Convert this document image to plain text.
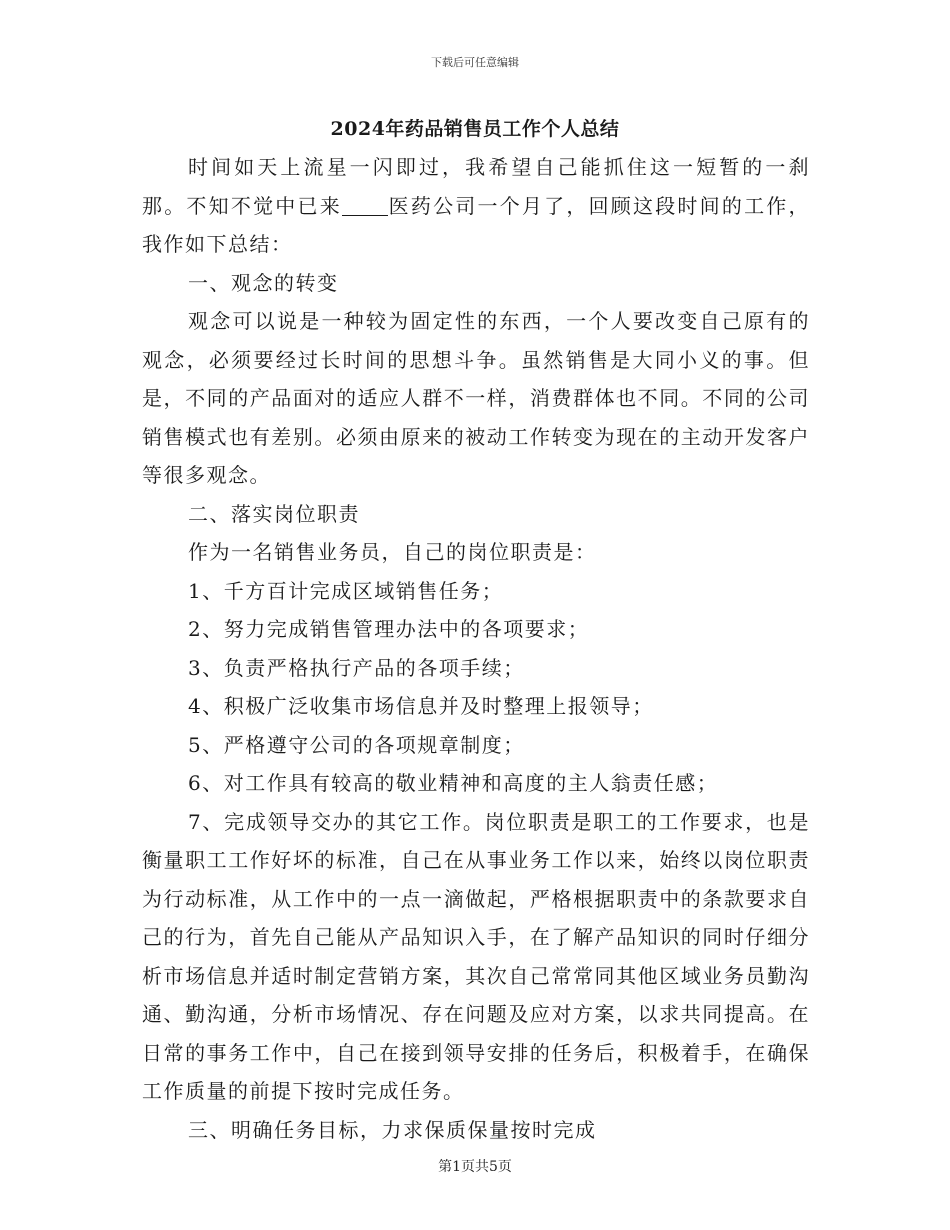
下载后可任意编辑
2024年药品销售员工作个人总结

时间如天上流星一闪即过，我希望自己能抓住这一短暂的一刹那。不知不觉中已来 医药公司一个月了，回顾这段时间的工作，我作如下总结：

一、观念的转变

观念可以说是一种较为固定性的东西，一个人要改变自己原有的观念，必须要经过长时间的思想斗争。虽然销售是大同小义的事。但是，不同的产品面对的适应人群不一样，消费群体也不同。不同的公司销售模式也有差别。必须由原来的被动工作转变为现在的主动开发客户等很多观念。

二、落实岗位职责

作为一名销售业务员，自己的岗位职责是：

1、千方百计完成区域销售任务；

2、努力完成销售管理办法中的各项要求；

3、负责严格执行产品的各项手续；

4、积极广泛收集市场信息并及时整理上报领导；

5、严格遵守公司的各项规章制度；

6、对工作具有较高的敬业精神和高度的主人翁责任感；

7、完成领导交办的其它工作。岗位职责是职工的工作要求，也是衡量职工工作好坏的标准，自己在从事业务工作以来，始终以岗位职责为行动标准，从工作中的一点一滴做起，严格根据职责中的条款要求自己的行为，首先自己能从产品知识入手，在了解产品知识的同时仔细分析市场信息并适时制定营销方案，其次自己常常同其他区域业务员勤沟通、勤沟通，分析市场情况、存在问题及应对方案，以求共同提高。在日常的事务工作中，自己在接到领导安排的任务后，积极着手，在确保工作质量的前提下按时完成任务。

三、明确任务目标，力求保质保量按时完成

第1页共5页
